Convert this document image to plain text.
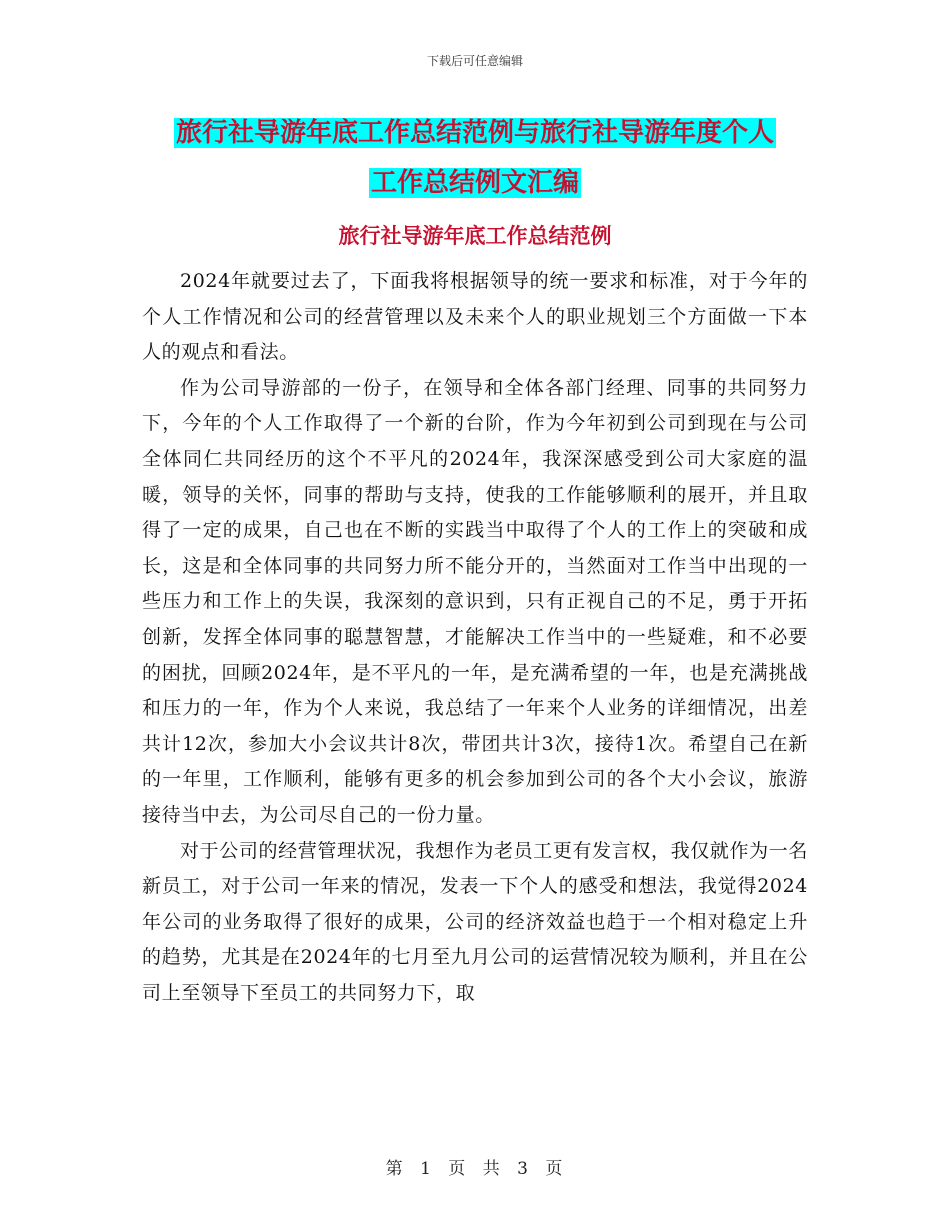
下载后可任意编辑
旅行社导游年底工作总结范例与旅行社导游年度个人
工作总结例文汇编
旅行社导游年底工作总结范例

2024年就要过去了，下面我将根据领导的统一要求和标准，对于今年的个人工作情况和公司的经营管理以及未来个人的职业规划三个方面做一下本人的观点和看法。

作为公司导游部的一份子，在领导和全体各部门经理、同事的共同努力下，今年的个人工作取得了一个新的台阶，作为今年初到公司到现在与公司全体同仁共同经历的这个不平凡的2024年，我深深感受到公司大家庭的温暖，领导的关怀，同事的帮助与支持，使我的工作能够顺利的展开，并且取得了一定的成果，自己也在不断的实践当中取得了个人的工作上的突破和成长，这是和全体同事的共同努力所不能分开的，当然面对工作当中出现的一些压力和工作上的失误，我深刻的意识到，只有正视自己的不足，勇于开拓创新，发挥全体同事的聪慧智慧，才能解决工作当中的一些疑难，和不必要的困扰，回顾2024年，是不平凡的一年，是充满希望的一年，也是充满挑战和压力的一年，作为个人来说，我总结了一年来个人业务的详细情况，出差共计12次，参加大小会议共计8次，带团共计3次，接待1次。希望自己在新的一年里，工作顺利，能够有更多的机会参加到公司的各个大小会议，旅游接待当中去，为公司尽自己的一份力量。

对于公司的经营管理状况，我想作为老员工更有发言权，我仅就作为一名新员工，对于公司一年来的情况，发表一下个人的感受和想法，我觉得2024年公司的业务取得了很好的成果，公司的经济效益也趋于一个相对稳定上升的趋势，尤其是在2024年的七月至九月公司的运营情况较为顺利，并且在公司上至领导下至员工的共同努力下，取

第 1 页 共 3 页
